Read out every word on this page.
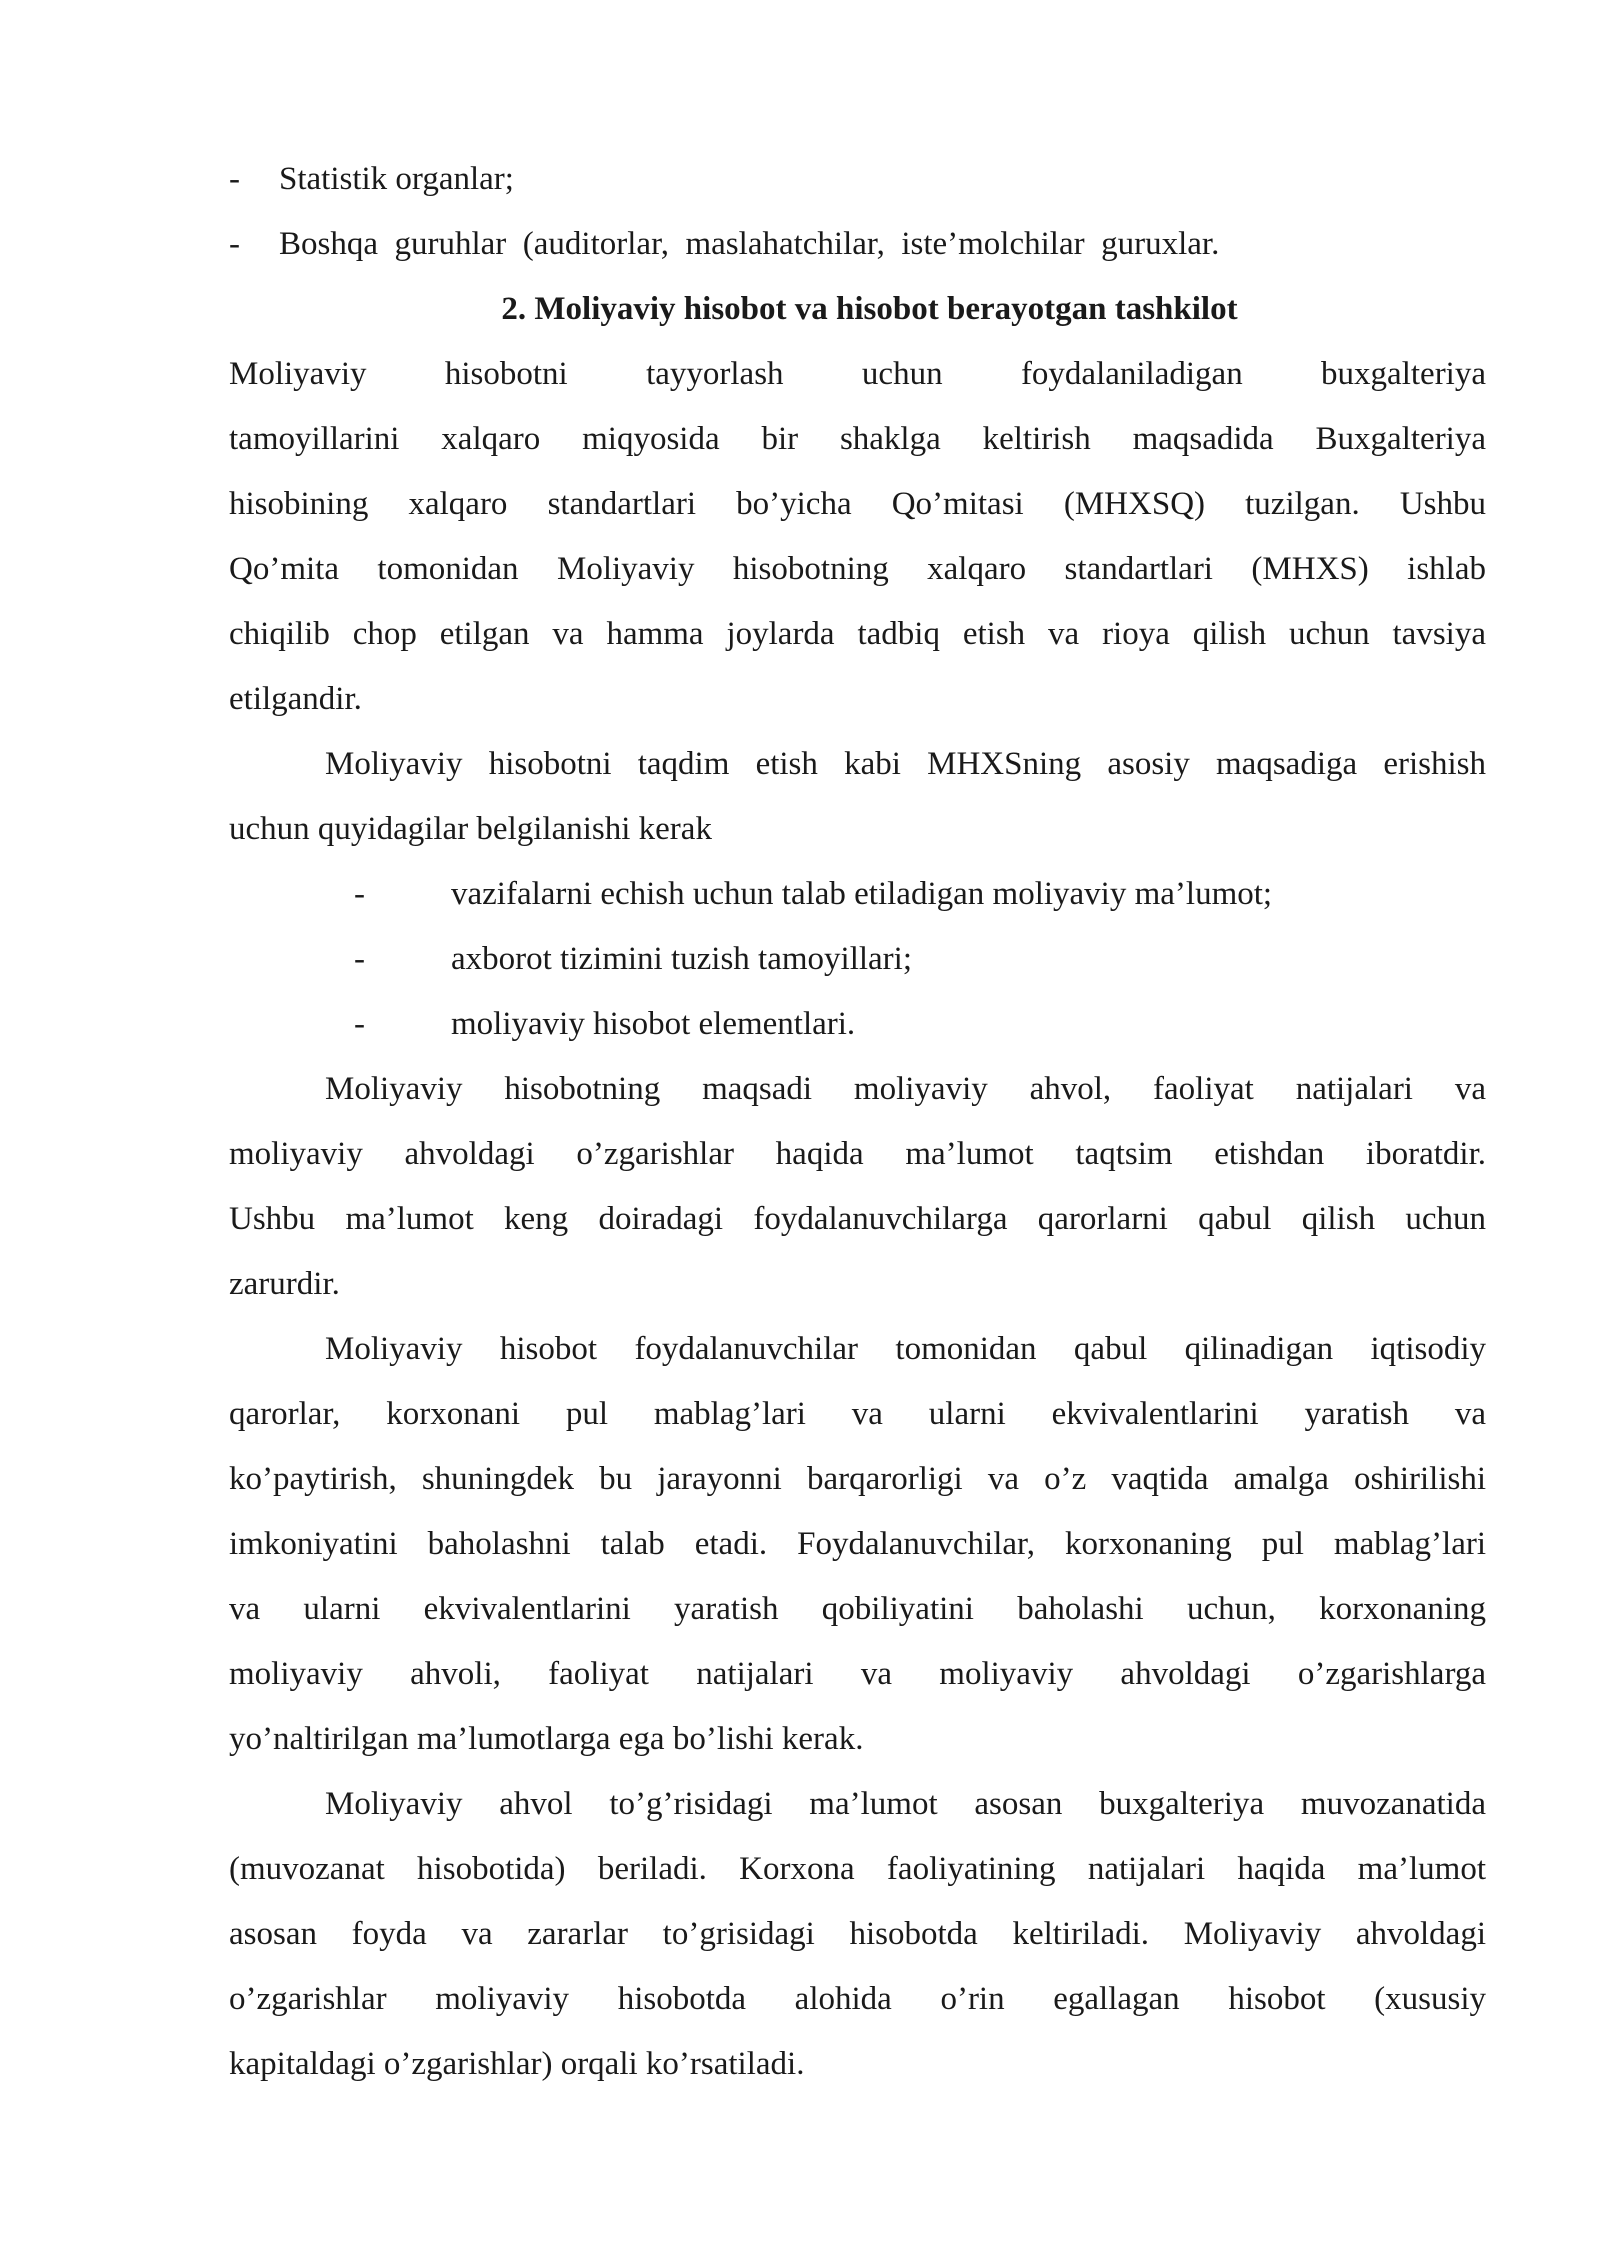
-	Statistik organlar;
-	Boshqa  guruhlar  (auditorlar,  maslahatchilar,  iste’molchilar  guruxlar.
2. Moliyaviy hisobot va hisobot berayotgan tashkilot
Moliyaviy hisobotni tayyorlash uchun foydalaniladigan buxgalteriya
tamoyillarini xalqaro miqyosida bir shaklga keltirish maqsadida Buxgalteriya
hisobining xalqaro standartlari bo’yicha Qo’mitasi (MHXSQ) tuzilgan. Ushbu
Qo’mita tomonidan Moliyaviy hisobotning xalqaro standartlari (MHXS) ishlab
chiqilib chop etilgan va hamma joylarda tadbiq etish va rioya qilish uchun tavsiya
etilgandir.
Moliyaviy hisobotni taqdim etish kabi MHXSning asosiy maqsadiga erishish
uchun quyidagilar belgilanishi kerak
-	vazifalarni echish uchun talab etiladigan moliyaviy ma’lumot;
-	axborot tizimini tuzish tamoyillari;
-	moliyaviy hisobot elementlari.
Moliyaviy hisobotning maqsadi moliyaviy ahvol, faoliyat natijalari va
moliyaviy ahvoldagi o’zgarishlar haqida ma’lumot taqtsim etishdan iboratdir.
Ushbu ma’lumot keng doiradagi foydalanuvchilarga qarorlarni qabul qilish uchun
zarurdir.
Moliyaviy hisobot foydalanuvchilar tomonidan qabul qilinadigan iqtisodiy
qarorlar, korxonani pul mablag’lari va ularni ekvivalentlarini yaratish va
ko’paytirish, shuningdek bu jarayonni barqarorligi va o’z vaqtida amalga oshirilishi
imkoniyatini baholashni talab etadi. Foydalanuvchilar, korxonaning pul mablag’lari
va ularni ekvivalentlarini yaratish qobiliyatini baholashi uchun, korxonaning
moliyaviy ahvoli, faoliyat natijalari va moliyaviy ahvoldagi o’zgarishlarga
yo’naltirilgan ma’lumotlarga ega bo’lishi kerak.
Moliyaviy ahvol to’g’risidagi ma’lumot asosan buxgalteriya muvozanatida
(muvozanat hisobotida) beriladi. Korxona faoliyatining natijalari haqida ma’lumot
asosan foyda va zararlar to’grisidagi hisobotda keltiriladi. Moliyaviy ahvoldagi
o’zgarishlar moliyaviy hisobotda alohida o’rin egallagan hisobot (xususiy
kapitaldagi o’zgarishlar) orqali ko’rsatiladi.
